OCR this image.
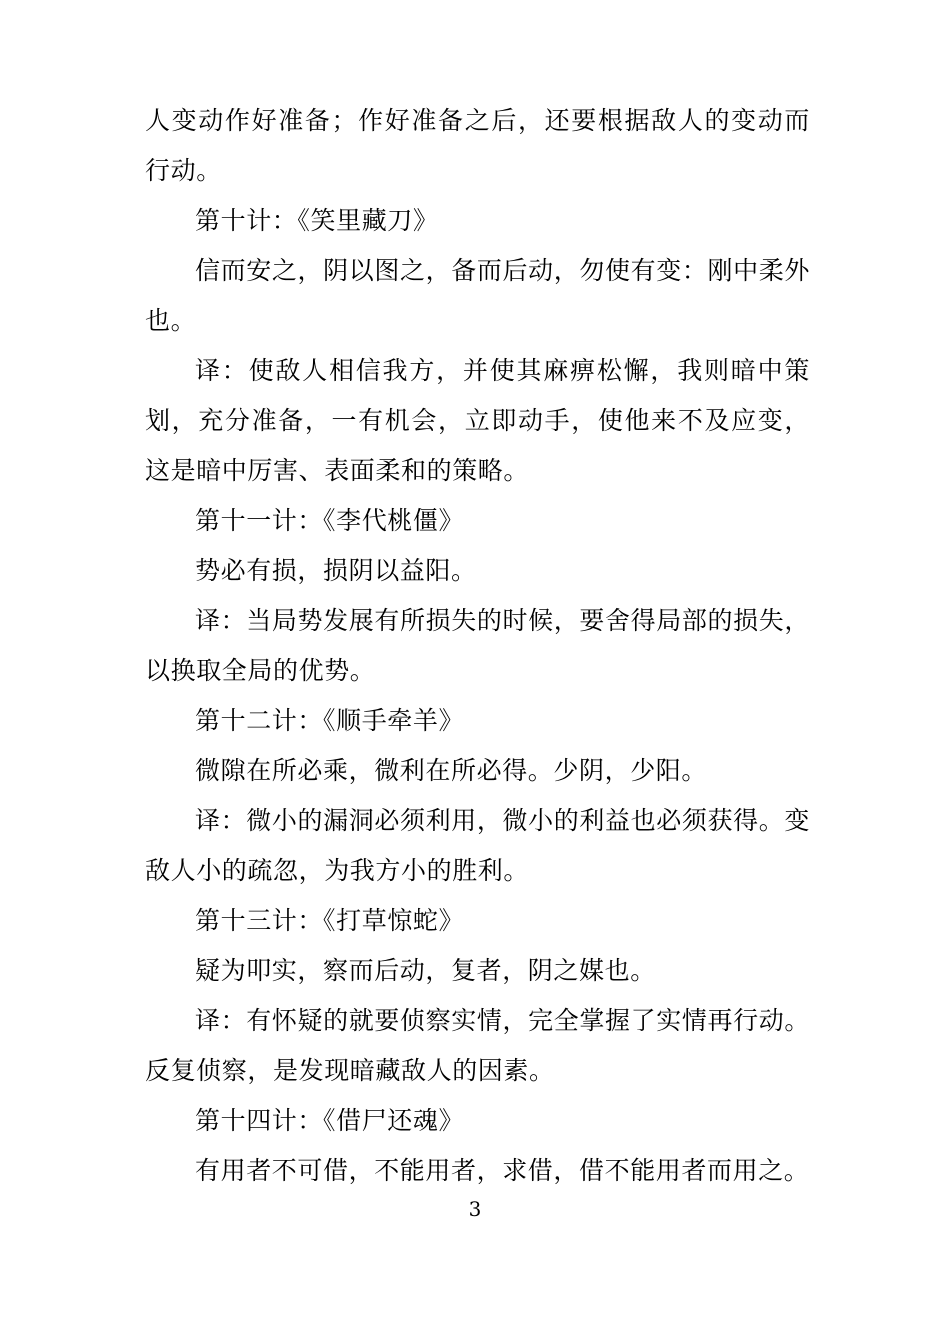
人变动作好准备；作好准备之后，还要根据敌人的变动而行动。

第十计：《笑里藏刀》

信而安之，阴以图之，备而后动，勿使有变：刚中柔外也。

译：使敌人相信我方，并使其麻痹松懈，我则暗中策划，充分准备，一有机会，立即动手，使他来不及应变，这是暗中厉害、表面柔和的策略。

第十一计：《李代桃僵》

势必有损，损阴以益阳。

译：当局势发展有所损失的时候，要舍得局部的损失，以换取全局的优势。

第十二计：《顺手牵羊》

微隙在所必乘，微利在所必得。少阴，少阳。

译：微小的漏洞必须利用，微小的利益也必须获得。变敌人小的疏忽，为我方小的胜利。

第十三计：《打草惊蛇》

疑为叩实，察而后动，复者，阴之媒也。

译：有怀疑的就要侦察实情，完全掌握了实情再行动。反复侦察，是发现暗藏敌人的因素。

第十四计：《借尸还魂》

有用者不可借，不能用者，求借，借不能用者而用之。

3
